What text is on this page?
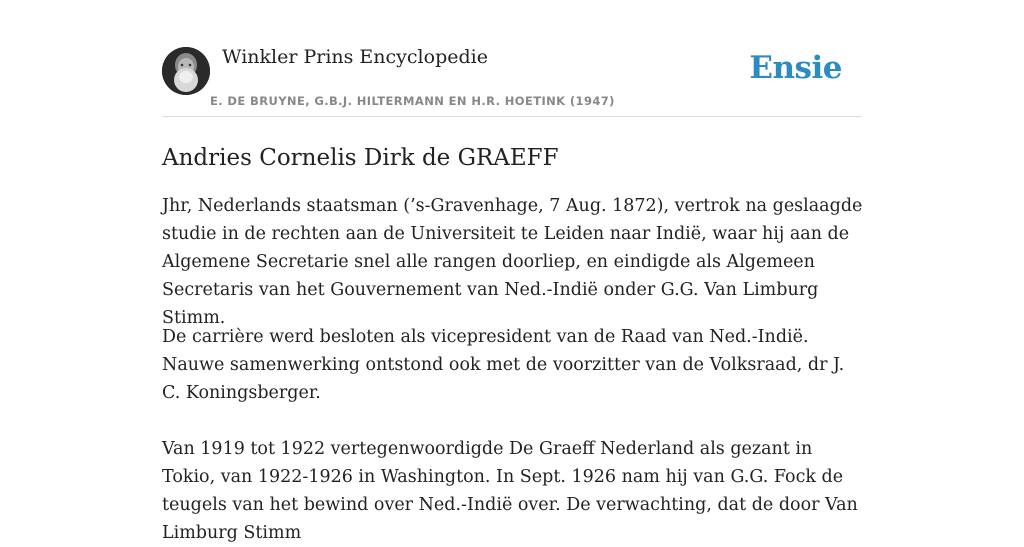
Winkler Prins Encyclopedie
E. DE BRUYNE, G.B.J. HILTERMANN EN H.R. HOETINK (1947)
Ensie
Andries Cornelis Dirk de GRAEFF

Jhr, Nederlands staatsman (’s-Gravenhage, 7 Aug. 1872), vertrok na geslaagde studie in de rechten aan de Universiteit te Leiden naar Indië, waar hij aan de Algemene Secretarie snel alle rangen doorliep, en eindigde als Algemeen Secretaris van het Gouvernement van Ned.-Indië onder G.G. Van Limburg Stimm.

De carrière werd besloten als vicepresident van de Raad van Ned.-Indië. Nauwe samenwerking ontstond ook met de voorzitter van de Volksraad, dr J. C. Koningsberger.

Van 1919 tot 1922 vertegenwoordigde De Graeff Nederland als gezant in Tokio, van 1922-1926 in Washington. In Sept. 1926 nam hij van G.G. Fock de teugels van het bewind over Ned.-Indië over. De verwachting, dat de door Van Limburg Stimm
